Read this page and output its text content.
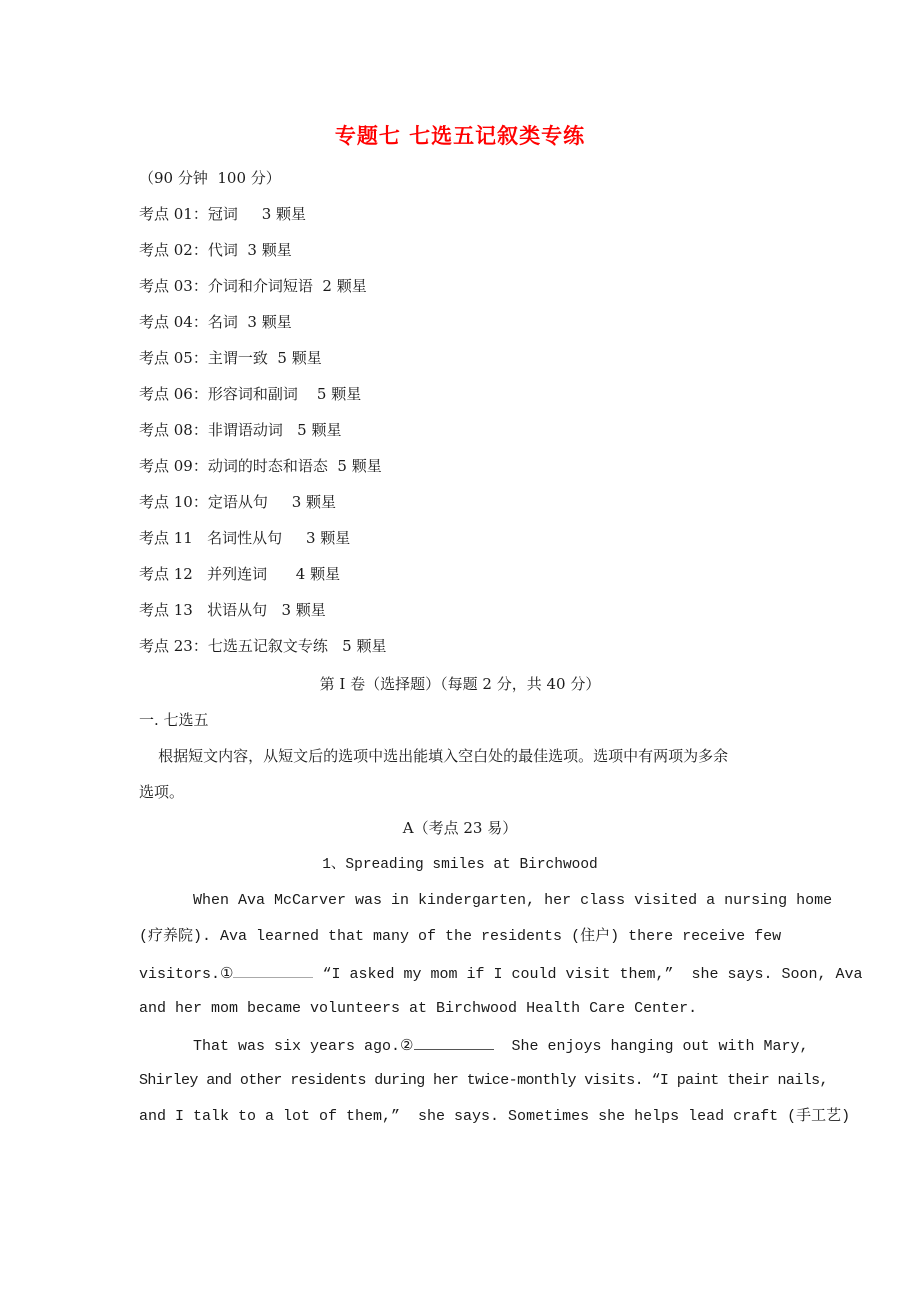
专题七 七选五记叙类专练
（90 分钟  100 分）
考点 01：冠词     3 颗星
考点 02：代词  3 颗星
考点 03：介词和介词短语  2 颗星
考点 04：名词  3 颗星
考点 05：主谓一致  5 颗星
考点 06：形容词和副词    5 颗星
考点 08：非谓语动词   5 颗星
考点 09：动词的时态和语态  5 颗星
考点 10：定语从句     3 颗星
考点 11   名词性从句     3 颗星
考点 12   并列连词      4 颗星
考点 13   状语从句   3 颗星
考点 23：七选五记叙文专练   5 颗星
第 I 卷（选择题）（每题 2 分，共 40 分）
一. 七选五
根据短文内容，从短文后的选项中选出能填入空白处的最佳选项。选项中有两项为多余
选项。
A（考点 23 易）
1、Spreading smiles at Birchwood
When Ava McCarver was in kindergarten, her class visited a nursing home
(疗养院). Ava learned that many of the residents (住户) there receive few
visitors.①	“I asked my mom if I could visit them,”  she says. Soon, Ava
and her mom became volunteers at Birchwood Health Care Center.
That was six years ago.②	She enjoys hanging out with Mary,
Shirley and other residents during her twice-monthly visits. “I paint their nails,
and I talk to a lot of them,”  she says. Sometimes she helps lead craft (手工艺)
